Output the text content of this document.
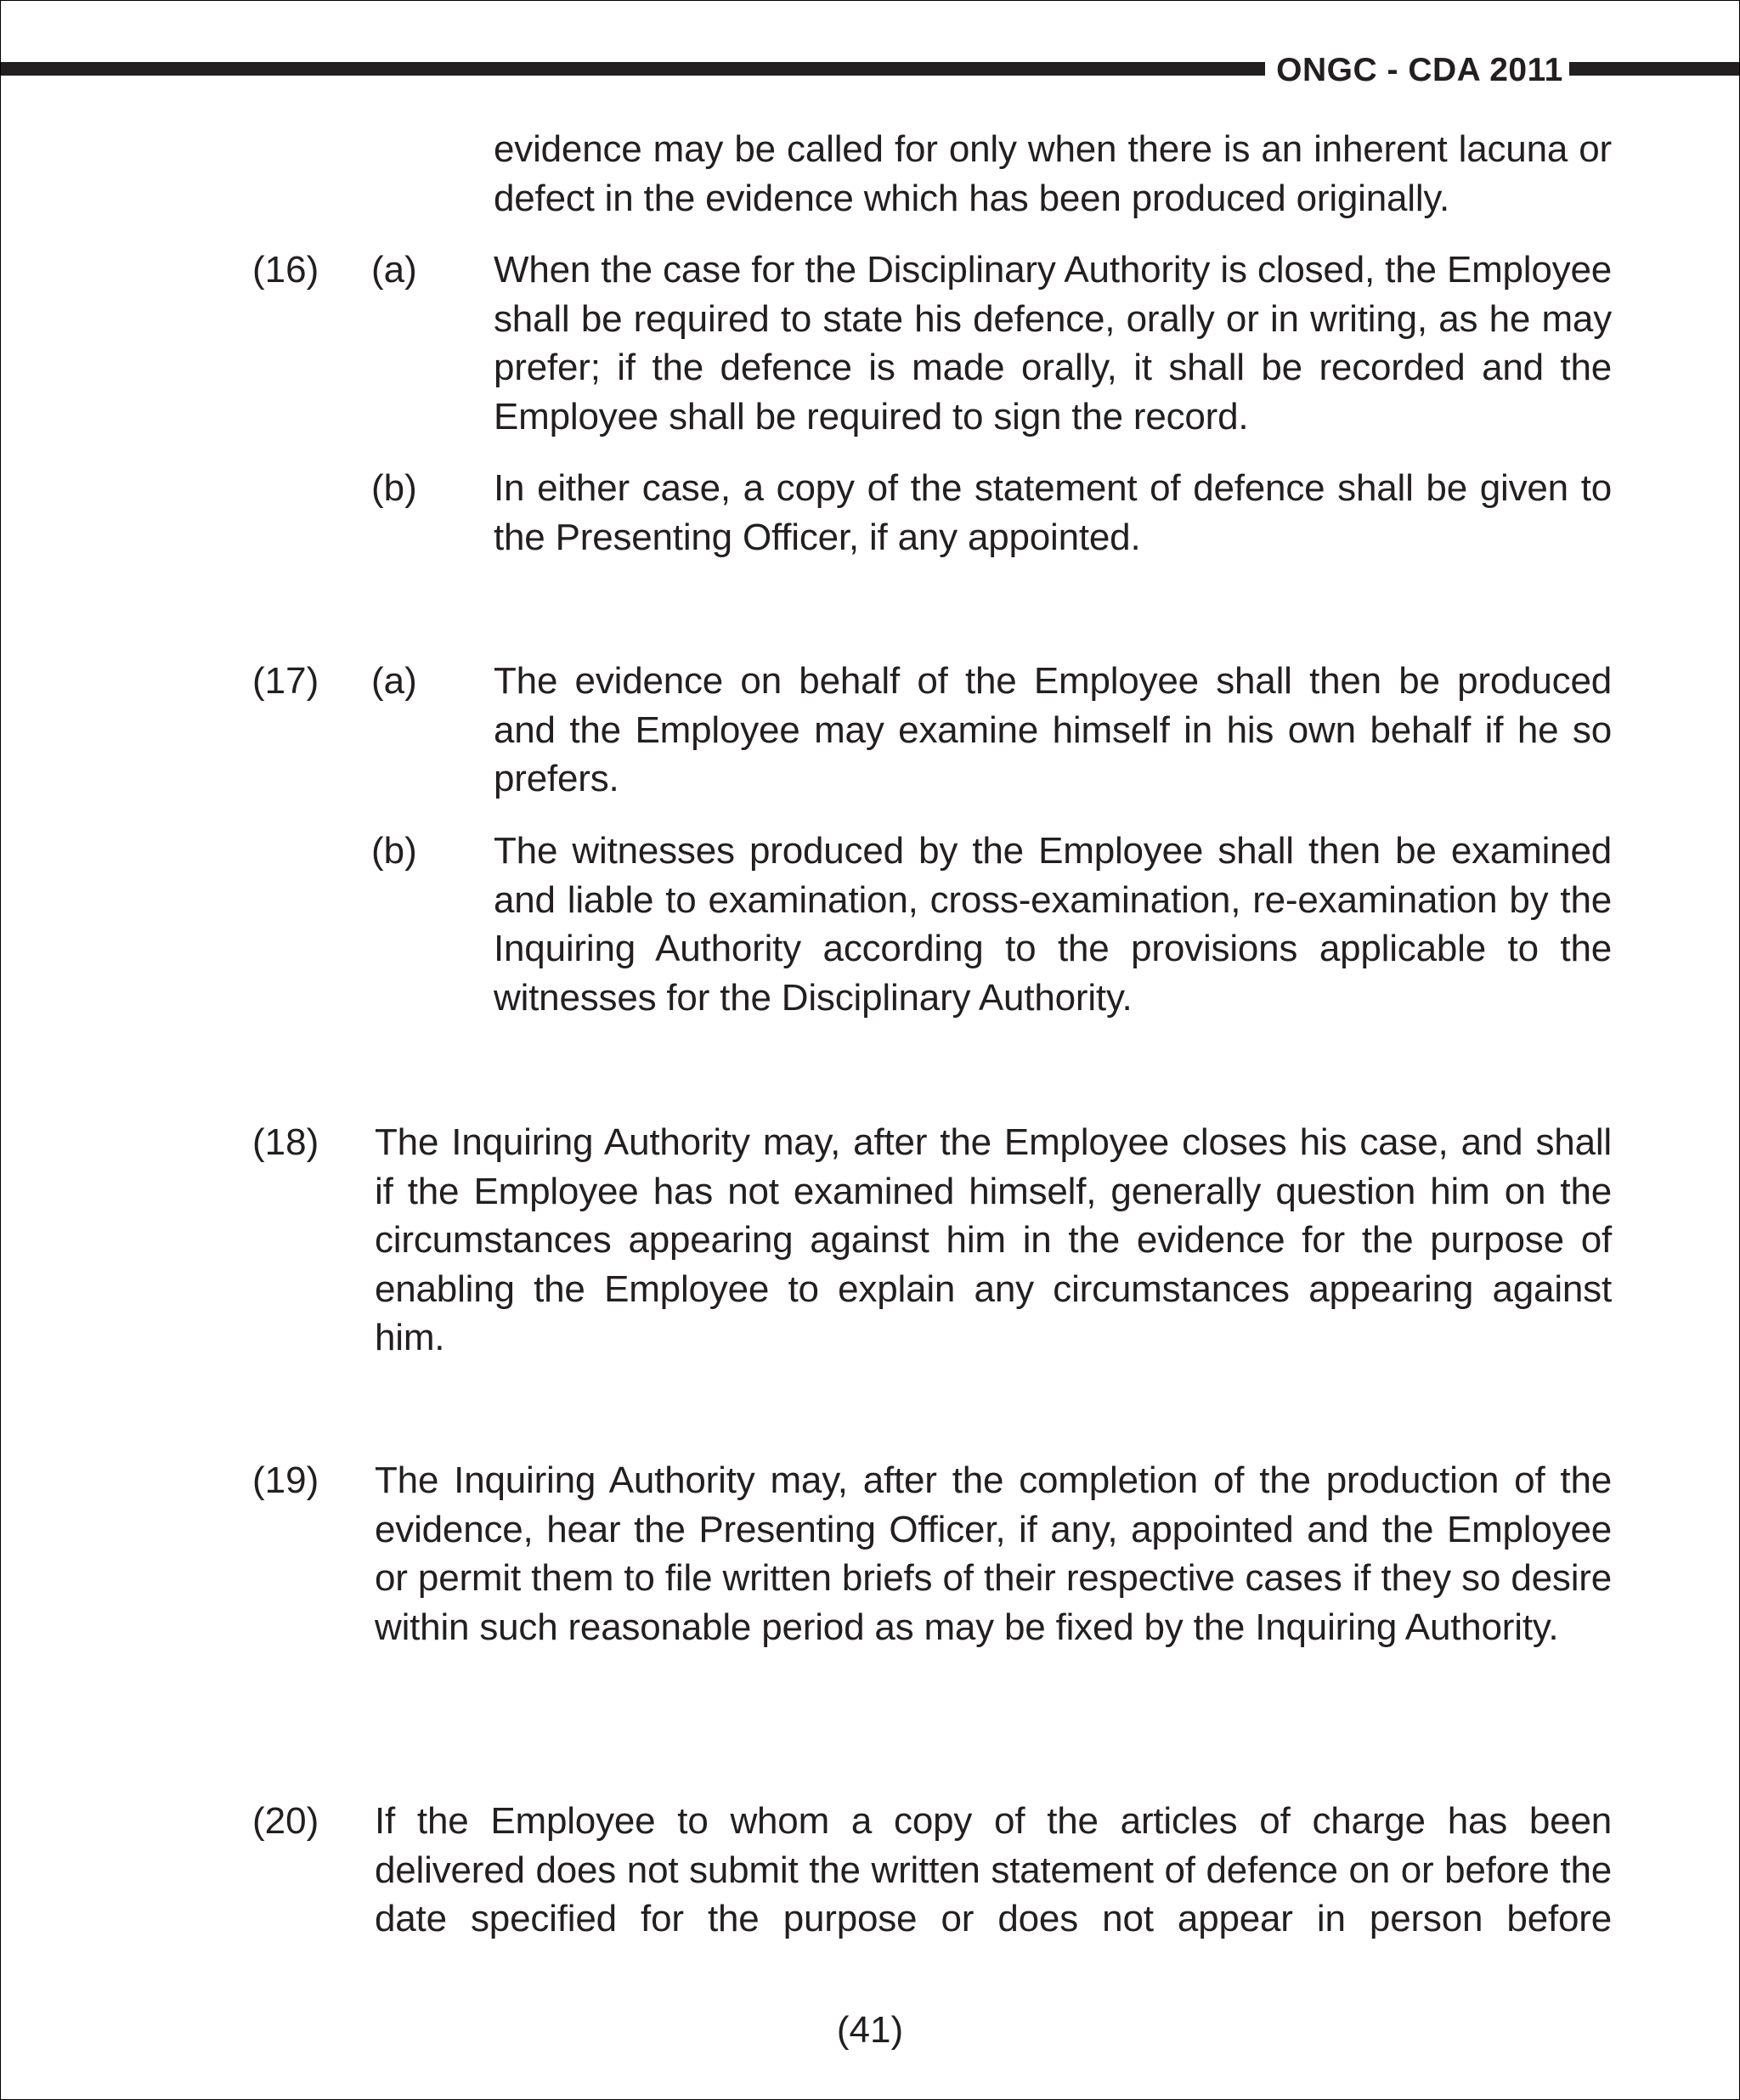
ONGC - CDA 2011
evidence may be called for only when there is an inherent lacuna or defect in the evidence which has been produced originally.
(16) (a) When the case for the Disciplinary Authority is closed, the Employee shall be required to state his defence, orally or in writing, as he may prefer; if the defence is made orally, it shall be recorded and the Employee shall be required to sign the record.
(b) In either case, a copy of the statement of defence shall be given to the Presenting Officer, if any appointed.
(17) (a) The evidence on behalf of the Employee shall then be produced and the Employee may examine himself in his own behalf if he so prefers.
(b) The witnesses produced by the Employee shall then be examined and liable to examination, cross-examination, re-examination by the Inquiring Authority according to the provisions applicable to the witnesses for the Disciplinary Authority.
(18) The Inquiring Authority may, after the Employee closes his case, and shall if the Employee has not examined himself, generally question him on the circumstances appearing against him in the evidence for the purpose of enabling the Employee to explain any circumstances appearing against him.
(19) The Inquiring Authority may, after the completion of the production of the evidence, hear the Presenting Officer, if any, appointed and the Employee or permit them to file written briefs of their respective cases if they so desire within such reasonable period as may be fixed by the Inquiring Authority.
(20) If the Employee to whom a copy of the articles of charge has been delivered does not submit the written statement of defence on or before the date specified for the purpose or does not appear in person before
(41)
